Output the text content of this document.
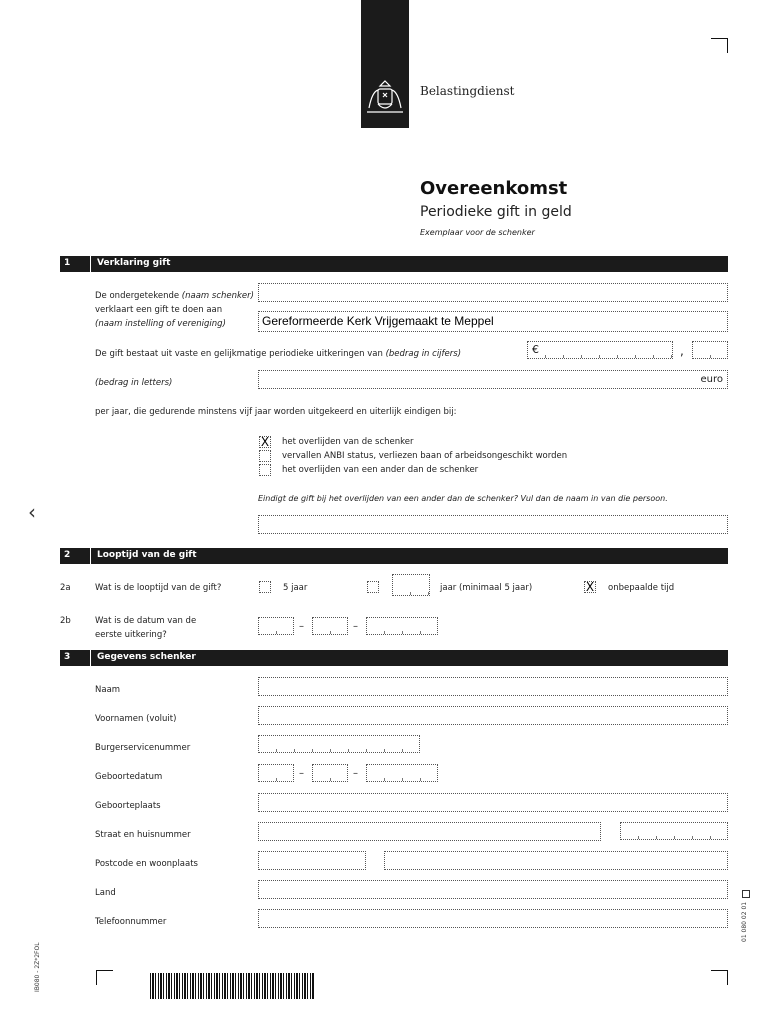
Belastingdienst
Overeenkomst
Periodieke gift in geld
Exemplaar voor de schenker
1	Verklaring gift
De ondergetekende (naam schenker)
verklaart een gift te doen aan
(naam instelling of vereniging)	Gereformeerde Kerk Vrijgemaakt te Meppel
De gift bestaat uit vaste en gelijkmatige periodieke uitkeringen van (bedrag in cijfers)	€	,
(bedrag in letters)	euro
per jaar, die gedurende minstens vijf jaar worden uitgekeerd en uiterlijk eindigen bij:
X het overlijden van de schenker
vervallen ANBI status, verliezen baan of arbeidsongeschikt worden
het overlijden van een ander dan de schenker
‹
Eindigt de gift bij het overlijden van een ander dan de schenker? Vul dan de naam in van die persoon.
2	Looptijd van de gift
2a	Wat is de looptijd van de gift?	5 jaar	jaar (minimaal 5 jaar)	X onbepaalde tijd
2b	Wat is de datum van de
eerste uitkering?
–	–
3	Gegevens schenker
Naam
Voornamen (voluit)
Burgerservicenummer
Geboortedatum	–	–
Geboorteplaats
Straat en huisnummer
Postcode en woonplaats
Land
Telefoonnummer	01 080 02 01
IB080 - 2Z*2FOL
